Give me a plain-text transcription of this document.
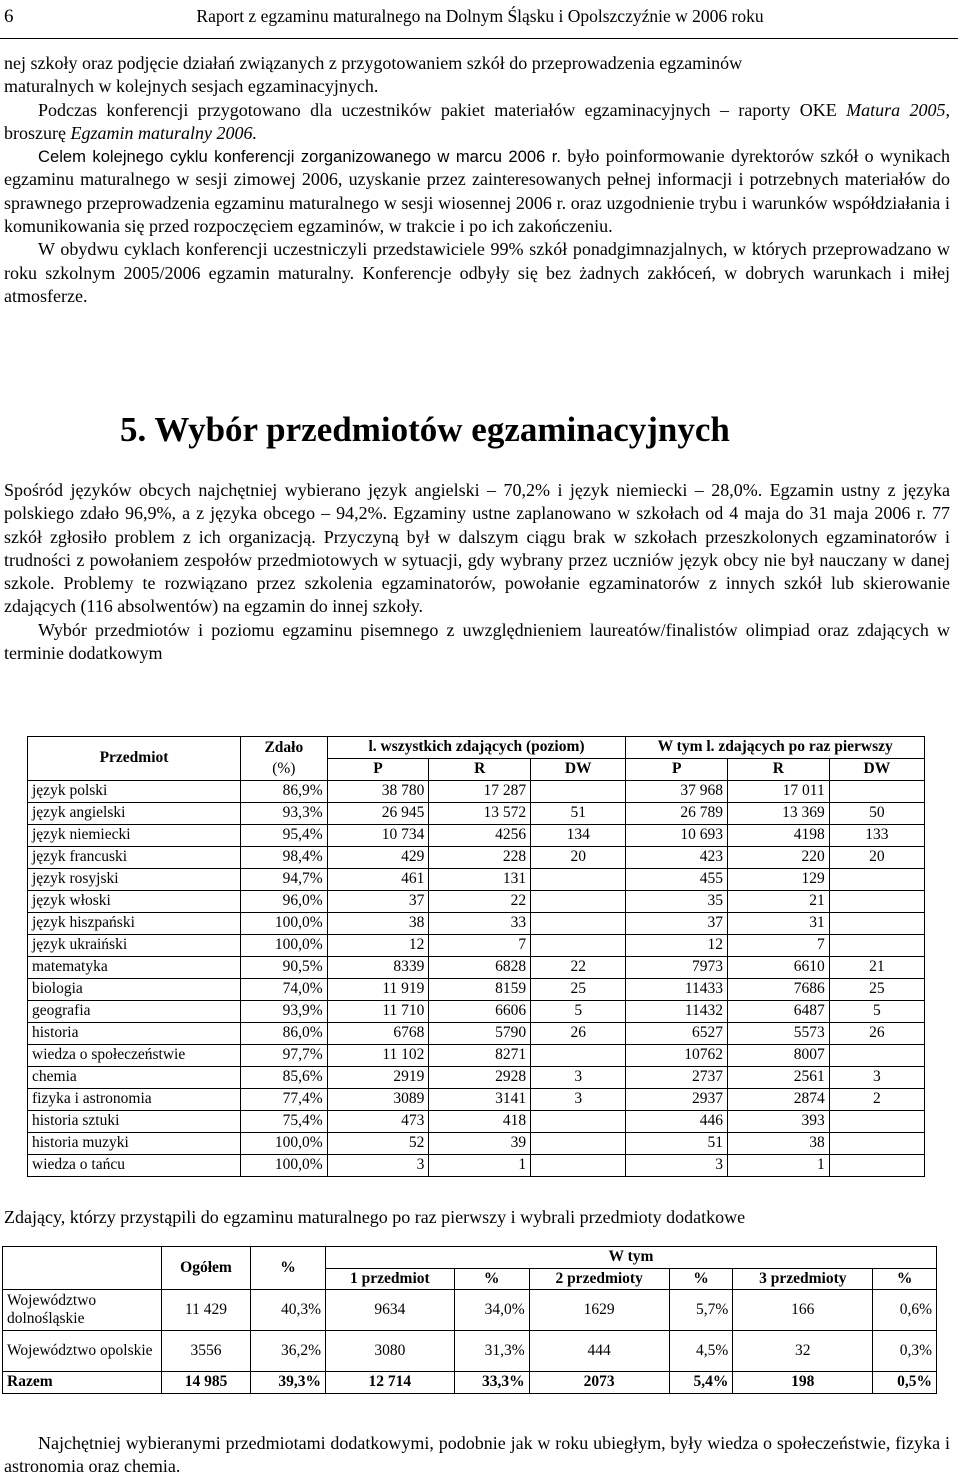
6	Raport z egzaminu maturalnego na Dolnym Śląsku i Opolszczyźnie w 2006 roku

nej szkoły oraz podjęcie działań związanych z przygotowaniem szkół do przeprowadzenia egzaminów

maturalnych w kolejnych sesjach egzaminacyjnych.

Podczas konferencji przygotowano dla uczestników pakiet materiałów egzaminacyjnych – raporty OKE Matura 2005, broszurę Egzamin maturalny 2006.

Celem kolejnego cyklu konferencji zorganizowanego w marcu 2006 r. było poinformowanie dyrektorów szkół o wynikach egzaminu maturalnego w sesji zimowej 2006, uzyskanie przez zainteresowanych pełnej informacji i potrzebnych materiałów do sprawnego przeprowadzenia egzaminu maturalnego w sesji wiosennej 2006 r. oraz uzgodnienie trybu i warunków współdziałania i komunikowania się przed rozpoczęciem egzaminów, w trakcie i po ich zakończeniu.

W obydwu cyklach konferencji uczestniczyli przedstawiciele 99% szkół ponadgimnazjalnych, w których przeprowadzano w roku szkolnym 2005/2006 egzamin maturalny. Konferencje odbyły się bez żadnych zakłóceń, w dobrych warunkach i miłej atmosferze.

5. Wybór przedmiotów egzaminacyjnych

Spośród języków obcych najchętniej wybierano język angielski – 70,2% i język niemiecki – 28,0%. Egzamin ustny z języka polskiego zdało 96,9%, a z języka obcego – 94,2%. Egzaminy ustne zaplanowano w szkołach od 4 maja do 31 maja 2006 r. 77 szkół zgłosiło problem z ich organizacją. Przyczyną był w dalszym ciągu brak w szkołach przeszkolonych egzaminatorów i trudności z powołaniem zespołów przedmiotowych w sytuacji, gdy wybrany przez uczniów język obcy nie był nauczany w danej szkole. Problemy te rozwiązano przez szkolenia egzaminatorów, powołanie egzaminatorów z innych szkół lub skierowanie zdających (116 absolwentów) na egzamin do innej szkoły.

Wybór przedmiotów i poziomu egzaminu pisemnego z uwzględnieniem laureatów/finalistów olimpiad oraz zdających w terminie dodatkowym

Przedmiot	Zdało	l. wszystkich zdających (poziom)			W tym l. zdających po raz pierwszy		
	(%)	P	R	DW	P	R	DW
język polski	86,9%	38 780	17 287		37 968	17 011	
język angielski	93,3%	26 945	13 572	51	26 789	13 369	50
język niemiecki	95,4%	10 734	4256	134	10 693	4198	133
język francuski	98,4%	429	228	20	423	220	20
język rosyjski	94,7%	461	131		455	129	
język włoski	96,0%	37	22		35	21	
język hiszpański	100,0%	38	33		37	31	
język ukraiński	100,0%	12	7		12	7	
matematyka	90,5%	8339	6828	22	7973	6610	21
biologia	74,0%	11 919	8159	25	11433	7686	25
geografia	93,9%	11 710	6606	5	11432	6487	5
historia	86,0%	6768	5790	26	6527	5573	26
wiedza o społeczeństwie	97,7%	11 102	8271		10762	8007	
chemia	85,6%	2919	2928	3	2737	2561	3
fizyka i astronomia	77,4%	3089	3141	3	2937	2874	2
historia sztuki	75,4%	473	418		446	393	
historia muzyki	100,0%	52	39		51	38	
wiedza o tańcu	100,0%	3	1		3	1	
Zdający, którzy przystąpili do egzaminu maturalnego po raz pierwszy i wybrali przedmioty dodatkowe
	Ogółem	%	W tym					
			1 przedmiot	%	2 przedmioty	%	3 przedmioty	%
Województwo dolnośląskie	11 429	40,3%	9634	34,0%	1629	5,7%	166	0,6%
Województwo opolskie	3556	36,2%	3080	31,3%	444	4,5%	32	0,3%
Razem	14 985	39,3%	12 714	33,3%	2073	5,4%	198	0,5%
Najchętniej wybieranymi przedmiotami dodatkowymi, podobnie jak w roku ubiegłym, były wiedza o społeczeństwie, fizyka i astronomia oraz chemia.
